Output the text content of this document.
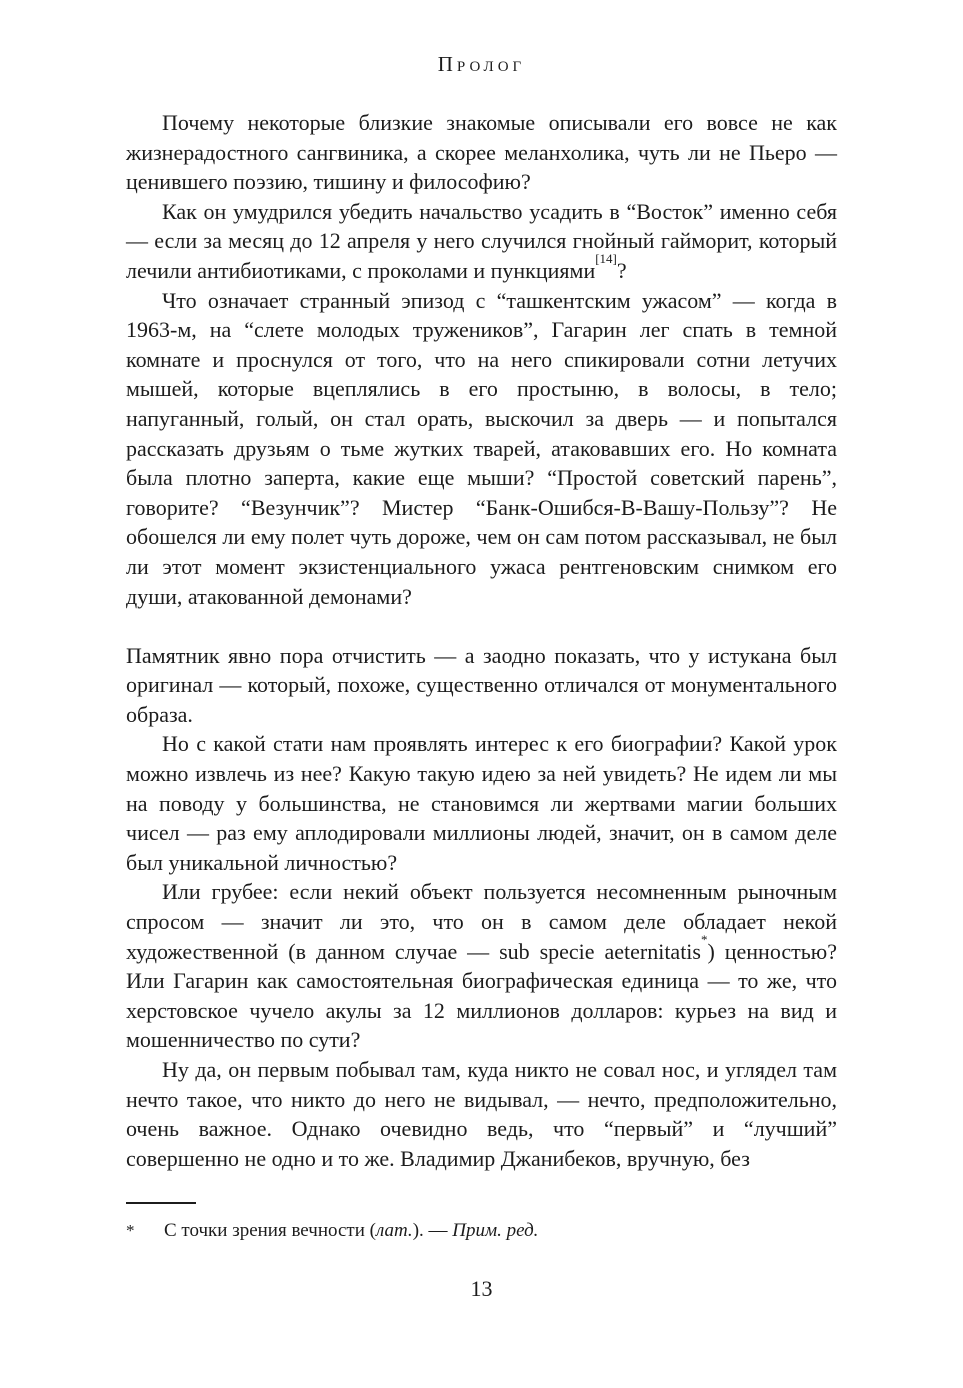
Пролог

Почему некоторые близкие знакомые описывали его вовсе не как жизнерадостного сангвиника, а скорее меланхолика, чуть ли не Пьеро — ценившего поэзию, тишину и философию?

Как он умудрился убедить начальство усадить в “Восток” именно себя — если за месяц до 12 апреля у него случился гнойный гайморит, который лечили антибиотиками, с проколами и пункциями[14]?

Что означает странный эпизод с “ташкентским ужасом” — когда в 1963-м, на “слете молодых тружеников”, Гагарин лег спать в темной комнате и проснулся от того, что на него спикировали сотни летучих мышей, которые вцеплялись в его простыню, в волосы, в тело; напуганный, голый, он стал орать, выскочил за дверь — и попытался рассказать друзьям о тьме жутких тварей, атаковавших его. Но комната была плотно заперта, какие еще мыши? “Простой советский парень”, говорите? “Везунчик”? Мистер “Банк-Ошибся-В-Вашу-Пользу”? Не обошелся ли ему полет чуть дороже, чем он сам потом рассказывал, не был ли этот момент экзистенциального ужаса рентгеновским снимком его души, атакованной демонами?

Памятник явно пора отчистить — а заодно показать, что у истукана был оригинал — который, похоже, существенно отличался от монументального образа.

Но с какой стати нам проявлять интерес к его биографии? Какой урок можно извлечь из нее? Какую такую идею за ней увидеть? Не идем ли мы на поводу у большинства, не становимся ли жертвами магии больших чисел — раз ему аплодировали миллионы людей, значит, он в самом деле был уникальной личностью?

Или грубее: если некий объект пользуется несомненным рыночным спросом — значит ли это, что он в самом деле обладает некой художественной (в данном случае — sub specie aeternitatis*) ценностью? Или Гагарин как самостоятельная биографическая единица — то же, что херстовское чучело акулы за 12 миллионов долларов: курьез на вид и мошенничество по сути?

Ну да, он первым побывал там, куда никто не совал нос, и углядел там нечто такое, что никто до него не видывал, — нечто, предположительно, очень важное. Однако очевидно ведь, что “первый” и “лучший” совершенно не одно и то же. Владимир Джанибеков, вручную, без

*	С точки зрения вечности (лат.). — Прим. ред.
13
